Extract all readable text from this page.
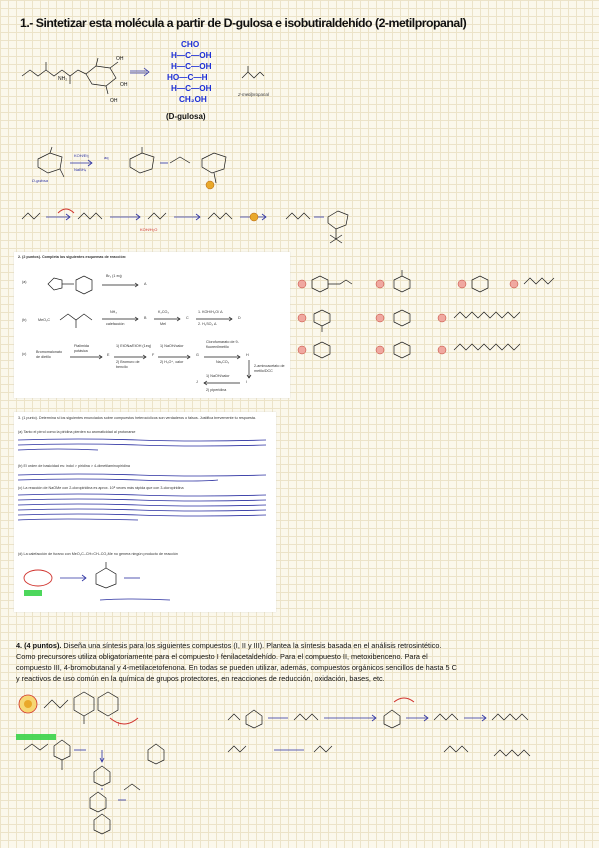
1.- Sintetizar esta molécula a partir de D-gulosa e isobutiraldehído (2-metilpropanal)
NH₂
OH
OH
OH
CHO
H—C—OH
H—C—OH
HO—C—H
H—C—OH
CH₂OH
(D-gulosa)
2-metilpropanal
KOH/Et₂
NaBH₄
aq
D-gulosa
KOH/H₂O
2. (2 puntos). Completa los siguientes esquemas de reacción:
(a)
Br₂ (1 eq)
A
(b)	MeO₂C
NH₃
calefacción
B
K₂CO₃
MeI
C
1. KOH/H₂O/ Δ
2. H₂SO₄ Δ
D
(c)	Bromomalonato de dietilo
Ftalimida potásica
E
1) EtONa/EtOH (1eq)
2) Bromuro de bencilo
F
1) NaOH/calor
2) H₃O⁺, calor
G
Clorofumarato de 9-fluorenilmetilo
Na₂CO₃
H
2-aminoacetato de metilo/DCC
I
1) NaOH/calor
2) piperidina
J
3. (1 punto). Determina si los siguientes enunciados sobre compuestos heterocíclicos son verdaderos o falsos. Justifica brevemente tu respuesta.
(a) Tanto el pirrol como la piridina pierden su aromaticidad al protonarse
(b) El orden de basicidad es: indol > piridina > 4-dimetilaminopiridina
(c) La reacción de NaOMe con 2-cloropiridina es aprox. 10⁸ veces más rápida que con 3-cloropiridina
(d) La calefacción de furano con MeO₂C–CH=CH–CO₂Me no genera ningún producto de reacción
4. (4 puntos). Diseña una síntesis para los siguientes compuestos (I, II y III). Plantea la síntesis basada en el análisis retrosintético. Como precursores utiliza obligatoriamente para el compuesto I fenilacetaldehído. Para el compuesto II, metoxibenceno. Para el compuesto III, 4-bromobutanal y 4-metilacetofenona. En todas se pueden utilizar, además, compuestos orgánicos sencillos de hasta 5 C y reactivos de uso común en la química de grupos protectores, en reacciones de reducción, oxidación, bases, etc.
I
